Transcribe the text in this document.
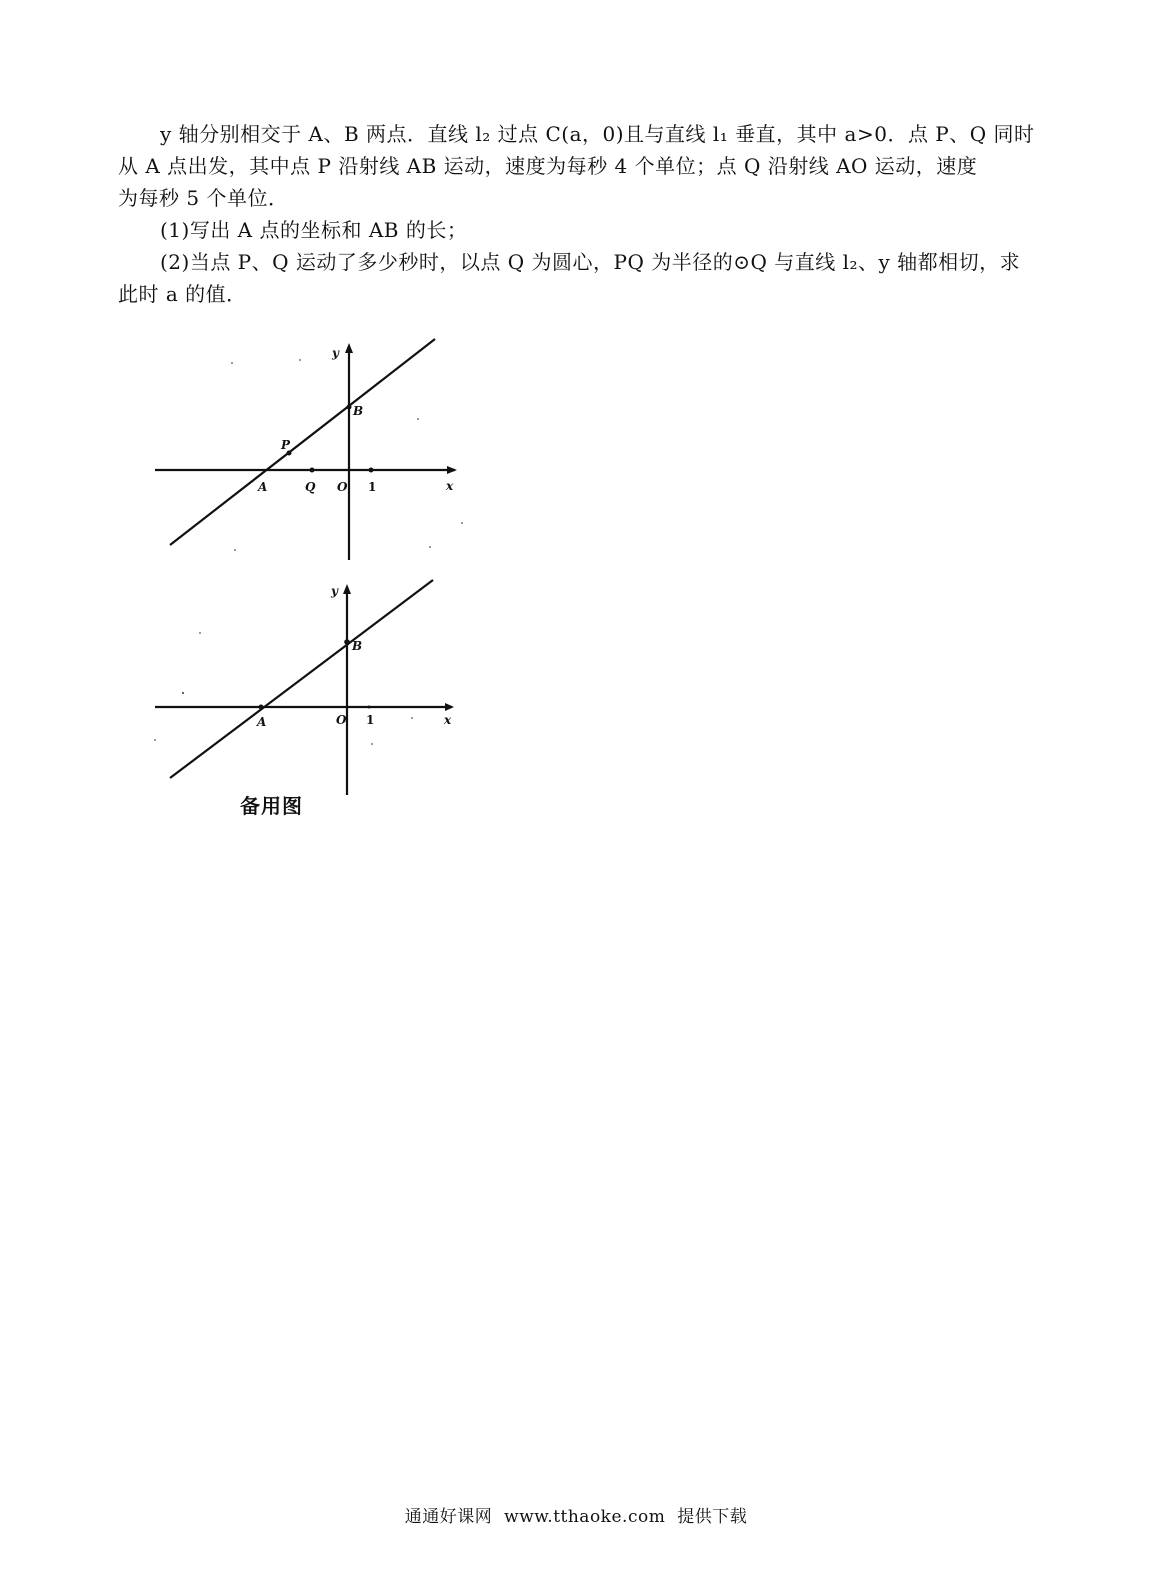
y 轴分别相交于 A、B 两点．直线 l₂ 过点 C(a，0)且与直线 l₁ 垂直，其中 a>0．点 P、Q 同时

从 A 点出发，其中点 P 沿射线 AB 运动，速度为每秒 4 个单位；点 Q 沿射线 AO 运动，速度

为每秒 5 个单位．

(1)写出 A 点的坐标和 AB 的长；

(2)当点 P、Q 运动了多少秒时，以点 Q 为圆心，PQ 为半径的⊙Q 与直线 l₂、y 轴都相切，求

此时 a 的值．

y
x
B
P
A	Q O 1
y
x
B
A	O 1
备用图
通通好课网 www.tthaoke.com 提供下载
